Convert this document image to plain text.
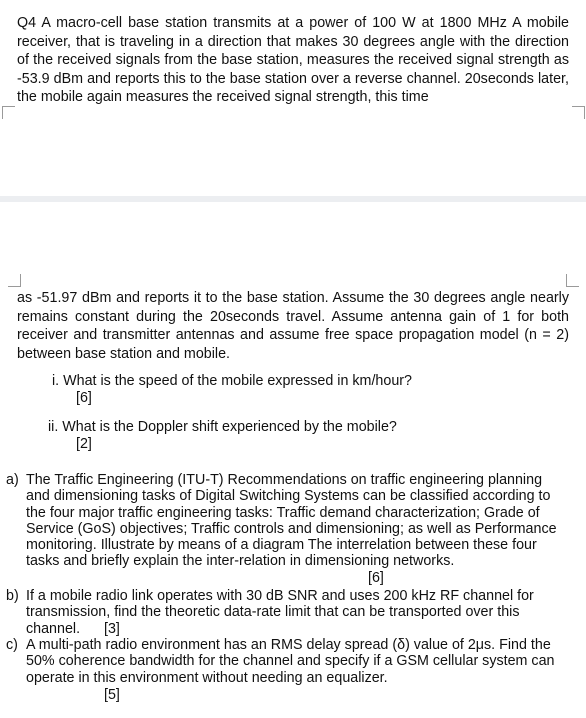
Q4 A macro-cell base station transmits at a power of 100 W at 1800 MHz A mobile receiver, that is traveling in a direction that makes 30 degrees angle with the direction of the received signals from the base station, measures the received signal strength as -53.9 dBm and reports this to the base station over a reverse channel. 20seconds later, the mobile again measures the received signal strength, this time
as -51.97 dBm and reports it to the base station. Assume the 30 degrees angle nearly remains constant during the 20seconds travel. Assume antenna gain of 1 for both receiver and transmitter antennas and assume free space propagation model (n = 2) between base station and mobile.
i. What is the speed of the mobile expressed in km/hour?
[6]
ii. What is the Doppler shift experienced by the mobile?
[2]
a) The Traffic Engineering (ITU-T) Recommendations on traffic engineering planning and dimensioning tasks of Digital Switching Systems can be classified according to the four major traffic engineering tasks: Traffic demand characterization; Grade of Service (GoS) objectives; Traffic controls and dimensioning; as well as Performance monitoring. Illustrate by means of a diagram The interrelation between these four tasks and briefly explain the inter-relation in dimensioning networks.
[6]
b) If a mobile radio link operates with 30 dB SNR and uses 200 kHz RF channel for transmission, find the theoretic data-rate limit that can be transported over this channel.	[3]
c) A multi-path radio environment has an RMS delay spread (δ) value of 2μs. Find the 50% coherence bandwidth for the channel and specify if a GSM cellular system can operate in this environment without needing an equalizer.
[5]
